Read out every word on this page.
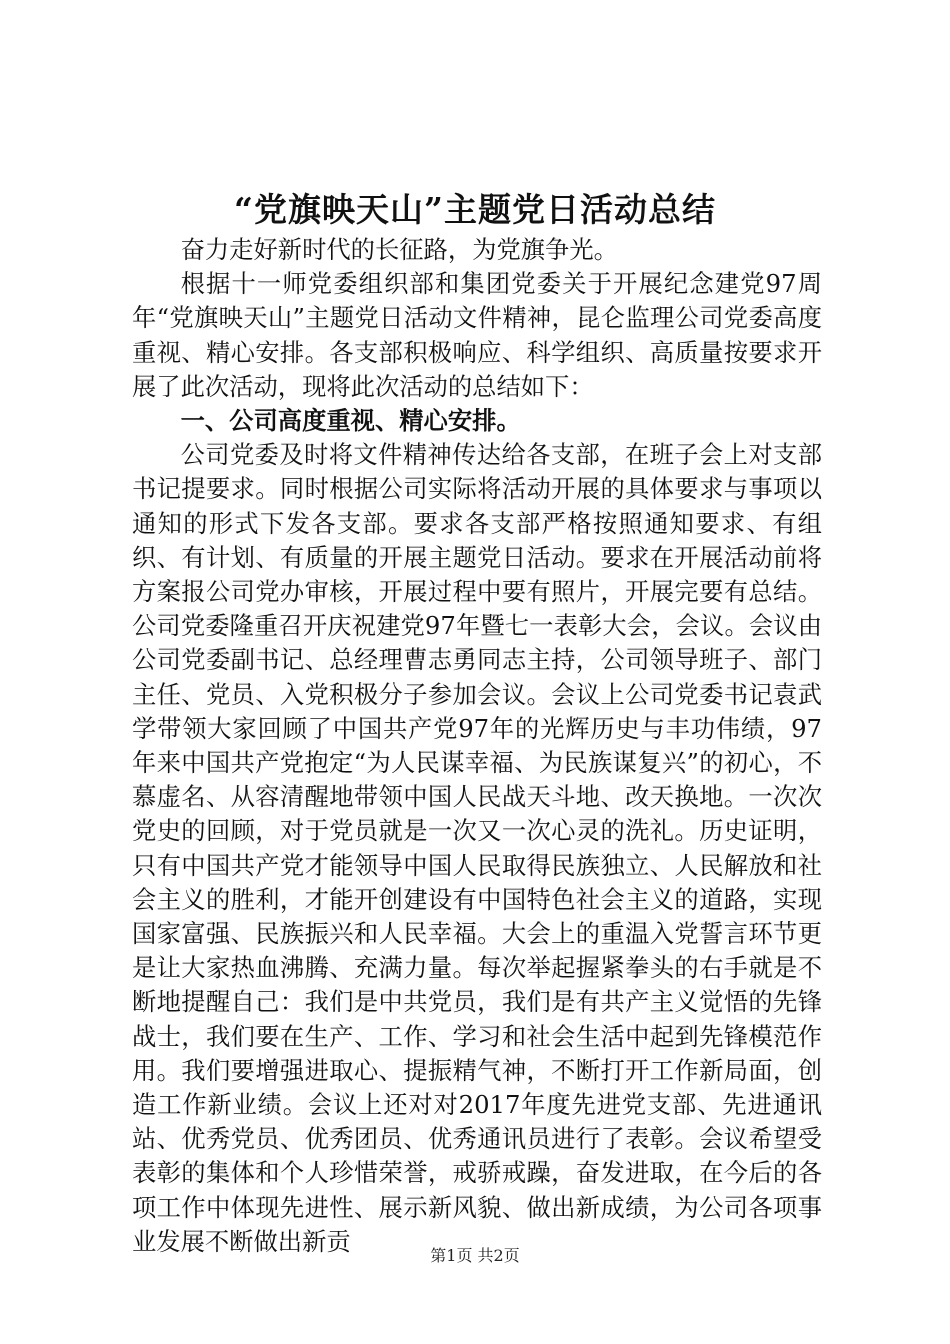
“党旗映天山”主题党日活动总结

奋力走好新时代的长征路，为党旗争光。

根据十一师党委组织部和集团党委关于开展纪念建党97周年“党旗映天山”主题党日活动文件精神，昆仑监理公司党委高度重视、精心安排。各支部积极响应、科学组织、高质量按要求开展了此次活动，现将此次活动的总结如下：

一、公司高度重视、精心安排。

公司党委及时将文件精神传达给各支部，在班子会上对支部书记提要求。同时根据公司实际将活动开展的具体要求与事项以通知的形式下发各支部。要求各支部严格按照通知要求、有组织、有计划、有质量的开展主题党日活动。要求在开展活动前将方案报公司党办审核，开展过程中要有照片，开展完要有总结。公司党委隆重召开庆祝建党97年暨七一表彰大会，会议。会议由公司党委副书记、总经理曹志勇同志主持，公司领导班子、部门主任、党员、入党积极分子参加会议。会议上公司党委书记袁武学带领大家回顾了中国共产党97年的光辉历史与丰功伟绩，97年来中国共产党抱定“为人民谋幸福、为民族谋复兴”的初心，不慕虚名、从容清醒地带领中国人民战天斗地、改天换地。一次次党史的回顾，对于党员就是一次又一次心灵的洗礼。历史证明，只有中国共产党才能领导中国人民取得民族独立、人民解放和社会主义的胜利，才能开创建设有中国特色社会主义的道路，实现国家富强、民族振兴和人民幸福。大会上的重温入党誓言环节更是让大家热血沸腾、充满力量。每次举起握紧拳头的右手就是不断地提醒自己：我们是中共党员，我们是有共产主义觉悟的先锋战士，我们要在生产、工作、学习和社会生活中起到先锋模范作用。我们要增强进取心、提振精气神，不断打开工作新局面，创造工作新业绩。会议上还对对2017年度先进党支部、先进通讯站、优秀党员、优秀团员、优秀通讯员进行了表彰。会议希望受表彰的集体和个人珍惜荣誉，戒骄戒躁，奋发进取，在今后的各项工作中体现先进性、展示新风貌、做出新成绩，为公司各项事业发展不断做出新贡	第1页 共2页
